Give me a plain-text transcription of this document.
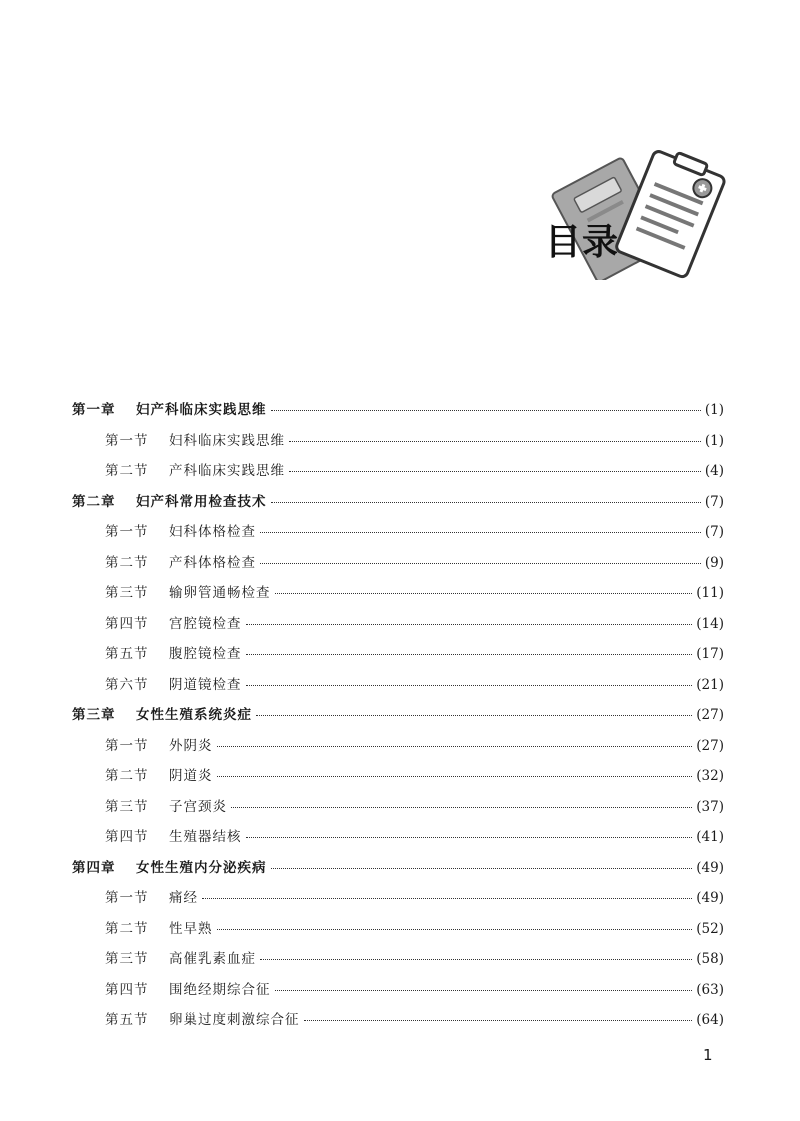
目录
第一章	妇产科临床实践思维	(1)
第一节	妇科临床实践思维	(1)
第二节	产科临床实践思维	(4)
第二章	妇产科常用检查技术	(7)
第一节	妇科体格检查	(7)
第二节	产科体格检查	(9)
第三节	输卵管通畅检查	(11)
第四节	宫腔镜检查	(14)
第五节	腹腔镜检查	(17)
第六节	阴道镜检查	(21)
第三章	女性生殖系统炎症	(27)
第一节	外阴炎	(27)
第二节	阴道炎	(32)
第三节	子宫颈炎	(37)
第四节	生殖器结核	(41)
第四章	女性生殖内分泌疾病	(49)
第一节	痛经	(49)
第二节	性早熟	(52)
第三节	高催乳素血症	(58)
第四节	围绝经期综合征	(63)
第五节	卵巢过度刺激综合征	(64)
1
